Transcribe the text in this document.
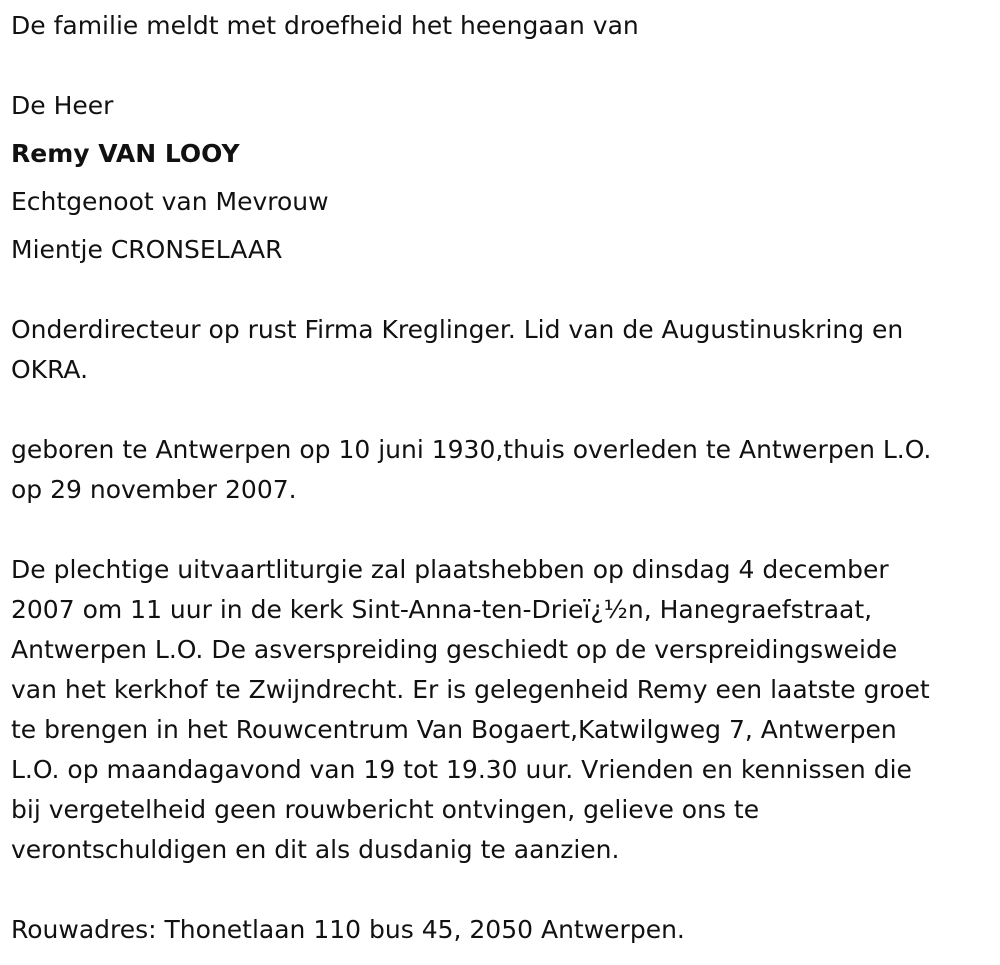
De familie meldt met droefheid het heengaan van
De Heer
Remy VAN LOOY
Echtgenoot van Mevrouw
Mientje CRONSELAAR
Onderdirecteur op rust Firma Kreglinger. Lid van de Augustinuskring en
OKRA.
geboren te Antwerpen op 10 juni 1930,thuis overleden te Antwerpen L.O.
op 29 november 2007.
De plechtige uitvaartliturgie zal plaatshebben op dinsdag 4 december
2007 om 11 uur in de kerk Sint-Anna-ten-Drieï¿½n, Hanegraefstraat,
Antwerpen L.O. De asverspreiding geschiedt op de verspreidingsweide
van het kerkhof te Zwijndrecht. Er is gelegenheid Remy een laatste groet
te brengen in het Rouwcentrum Van Bogaert,Katwilgweg 7, Antwerpen
L.O. op maandagavond van 19 tot 19.30 uur. Vrienden en kennissen die
bij vergetelheid geen rouwbericht ontvingen, gelieve ons te
verontschuldigen en dit als dusdanig te aanzien.
Rouwadres: Thonetlaan 110 bus 45, 2050 Antwerpen.
